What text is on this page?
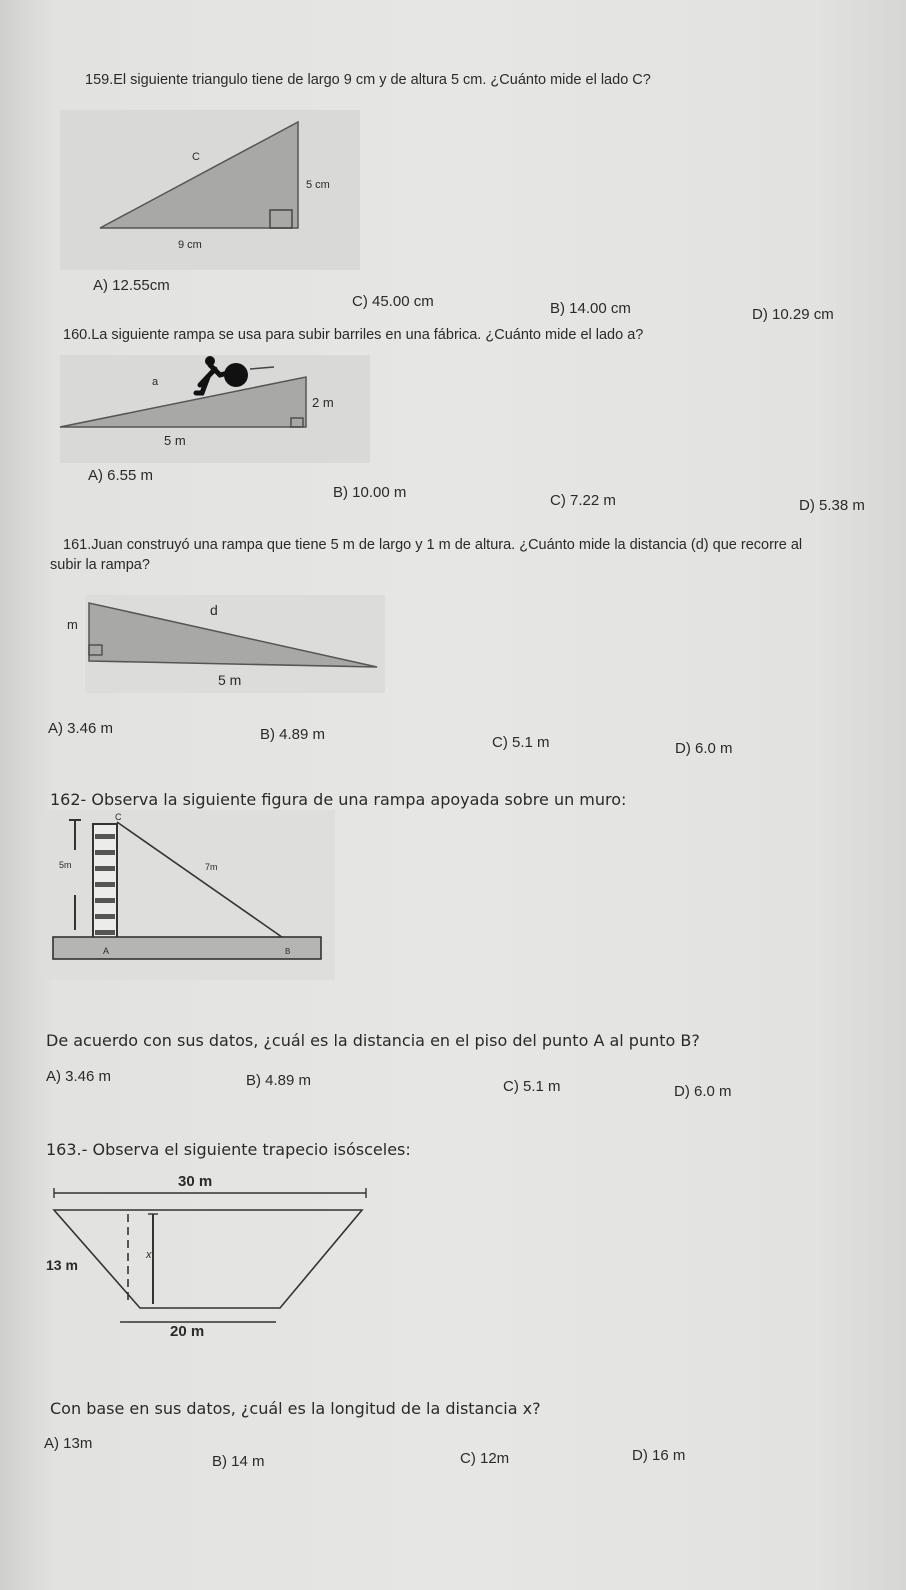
159.El siguiente triangulo tiene de largo 9 cm y de altura 5 cm. ¿Cuánto mide el lado C?
C
5 cm
9 cm
A) 12.55cm
C) 45.00 cm	B) 14.00 cm	D) 10.29 cm
160.La siguiente rampa se usa para subir barriles en una fábrica. ¿Cuánto mide el lado a?
a
2 m
5 m
A) 6.55 m
B) 10.00 m	C) 7.22 m	D) 5.38 m
161.Juan construyó una rampa que tiene 5 m de largo y 1 m de altura. ¿Cuánto mide la distancia (d) que recorre al
subir la rampa?
d
m
5 m
A) 3.46 m	B) 4.89 m	C) 5.1 m	D) 6.0 m
162- Observa la siguiente figura de una rampa apoyada sobre un muro:
C
5m	7m
A	B
De acuerdo con sus datos, ¿cuál es la distancia en el piso del punto A al punto B?
A) 3.46 m	B) 4.89 m	C) 5.1 m	D) 6.0 m
163.- Observa el siguiente trapecio isósceles:
30 m
13 m
x
20 m
Con base en sus datos, ¿cuál es la longitud de la distancia x?
A) 13m
B) 14 m	C) 12m	D) 16 m
